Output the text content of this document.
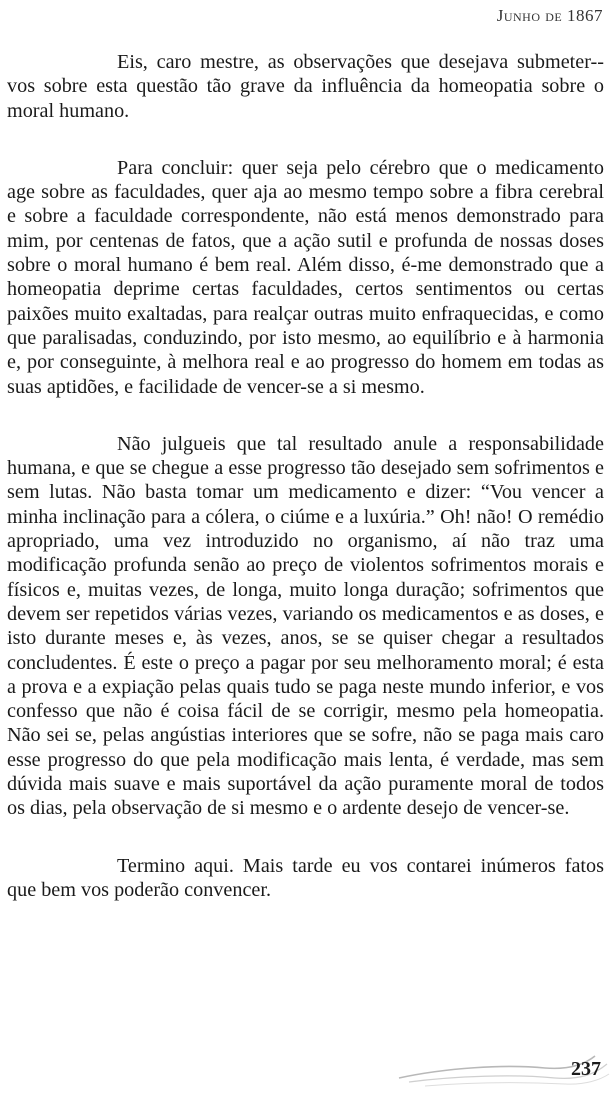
Junho de 1867

Eis, caro mestre, as observações que desejava submeter--vos sobre esta questão tão grave da influência da homeopatia sobre o moral humano.

Para concluir: quer seja pelo cérebro que o medicamento age sobre as faculdades, quer aja ao mesmo tempo sobre a fibra cerebral e sobre a faculdade correspondente, não está menos demonstrado para mim, por centenas de fatos, que a ação sutil e profunda de nossas doses sobre o moral humano é bem real. Além disso, é-me demonstrado que a homeopatia deprime certas faculdades, certos sentimentos ou certas paixões muito exaltadas, para realçar outras muito enfraquecidas, e como que paralisadas, conduzindo, por isto mesmo, ao equilíbrio e à harmonia e, por conseguinte, à melhora real e ao progresso do homem em todas as suas aptidões, e facilidade de vencer-se a si mesmo.

Não julgueis que tal resultado anule a responsabilidade humana, e que se chegue a esse progresso tão desejado sem sofrimentos e sem lutas. Não basta tomar um medicamento e dizer: “Vou vencer a minha inclinação para a cólera, o ciúme e a luxúria.” Oh! não! O remédio apropriado, uma vez introduzido no organismo, aí não traz uma modificação profunda senão ao preço de violentos sofrimentos morais e físicos e, muitas vezes, de longa, muito longa duração; sofrimentos que devem ser repetidos várias vezes, variando os medicamentos e as doses, e isto durante meses e, às vezes, anos, se se quiser chegar a resultados concludentes. É este o preço a pagar por seu melhoramento moral; é esta a prova e a expiação pelas quais tudo se paga neste mundo inferior, e vos confesso que não é coisa fácil de se corrigir, mesmo pela homeopatia. Não sei se, pelas angústias interiores que se sofre, não se paga mais caro esse progresso do que pela modificação mais lenta, é verdade, mas sem dúvida mais suave e mais suportável da ação puramente moral de todos os dias, pela observação de si mesmo e o ardente desejo de vencer-se.

Termino aqui. Mais tarde eu vos contarei inúmeros fatos que bem vos poderão convencer.

237
